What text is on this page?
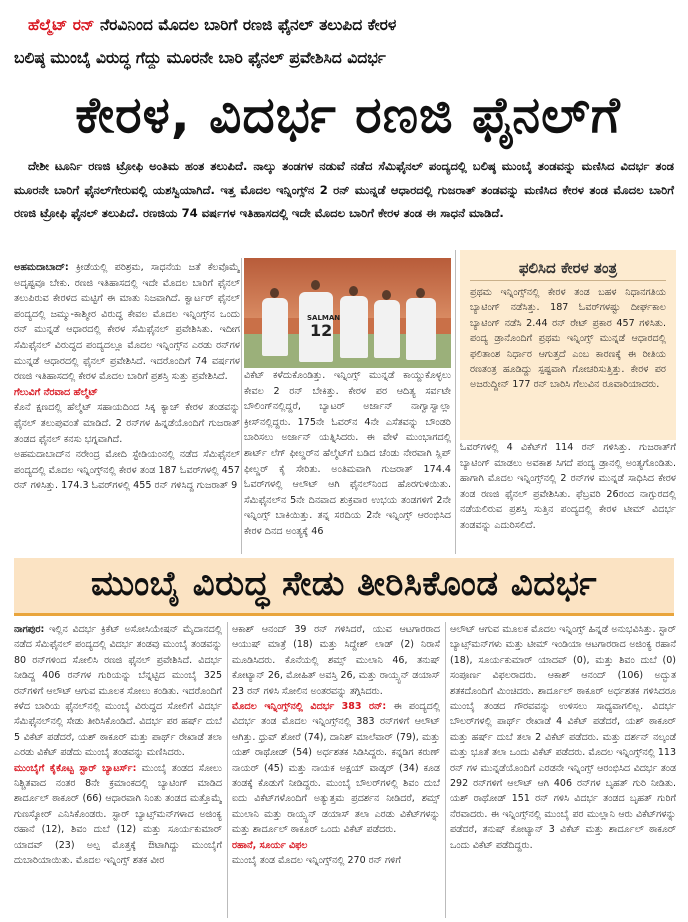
ಹೆಲ್ಮೆಟ್ ರನ್ ನೆರವಿನಿಂದ ಮೊದಲ ಬಾರಿಗೆ ರಣಜಿ ಫೈನಲ್ ತಲುಪಿದ ಕೇರಳ
ಬಲಿಷ್ಠ ಮುಂಬೈ ವಿರುದ್ಧ ಗೆದ್ದು ಮೂರನೇ ಬಾರಿ ಫೈನಲ್ ಪ್ರವೇಶಿಸಿದ ವಿದರ್ಭ
ಕೇರಳ, ವಿದರ್ಭ ರಣಜಿ ಫೈನಲ್‌ಗೆ
ದೇಶೀ ಟೂರ್ನಿ ರಣಜಿ ಟ್ರೋಫಿ ಅಂತಿಮ ಹಂತ ತಲುಪಿದೆ. ನಾಲ್ಕು ತಂಡಗಳ ನಡುವೆ ನಡೆದ ಸೆಮಿಫೈನಲ್ ಪಂದ್ಯದಲ್ಲಿ ಬಲಿಷ್ಠ ಮುಂಬೈ ತಂಡವನ್ನು ಮಣಿಸಿದ ವಿದರ್ಭ ತಂಡ ಮೂರನೇ ಬಾರಿಗೆ ಫೈನಲ್‌ಗೇರುವಲ್ಲಿ ಯಶಸ್ವಿಯಾಗಿದೆ. ಇತ್ತ ಮೊದಲ ಇನ್ನಿಂಗ್ಸ್‌ನ 2 ರನ್ ಮುನ್ನಡೆ ಆಧಾರದಲ್ಲಿ ಗುಜರಾತ್ ತಂಡವನ್ನು ಮಣಿಸಿದ ಕೇರಳ ತಂಡ ಮೊದಲ ಬಾರಿಗೆ ರಣಜಿ ಟ್ರೋಫಿ ಫೈನಲ್ ತಲುಪಿದೆ. ರಣಜಿಯ 74 ವರ್ಷಗಳ ಇತಿಹಾಸದಲ್ಲಿ ಇದೇ ಮೊದಲ ಬಾರಿಗೆ ಕೇರಳ ತಂಡ ಈ ಸಾಧನೆ ಮಾಡಿದೆ.

ಅಹಮದಾಬಾದ್: ಕ್ರೀಡೆಯಲ್ಲಿ ಪರಿಶ್ರಮ, ಸಾಧನೆಯ ಜತೆ ಕೆಲವೊಮ್ಮೆ ಅದೃಷ್ಟವೂ ಬೇಕು. ರಣಜಿ ಇತಿಹಾಸದಲ್ಲಿ ಇದೇ ಮೊದಲ ಬಾರಿಗೆ ಫೈನಲ್ ತಲುಪಿರುವ ಕೇರಳದ ಮಟ್ಟಿಗೆ ಈ ಮಾತು ನಿಜವಾಗಿದೆ. ಕ್ವಾರ್ಟರ್ ಫೈನಲ್ ಪಂದ್ಯದಲ್ಲಿ ಜಮ್ಮು-ಕಾಶ್ಮೀರ ವಿರುದ್ಧ ಕೇವಲ ಮೊದಲ ಇನ್ನಿಂಗ್ಸ್‌ನ ಒಂದು ರನ್ ಮುನ್ನಡೆ ಆಧಾರದಲ್ಲಿ ಕೇರಳ ಸೆಮಿಫೈನಲ್ ಪ್ರವೇಶಿಸಿತು. ಇದೀಗ ಸೆಮಿಫೈನಲ್ ವಿರುದ್ಧದ ಪಂದ್ಯದಲ್ಲೂ ಮೊದಲ ಇನ್ನಿಂಗ್ಸ್‌ನ ಎರಡು ರನ್‌ಗಳ ಮುನ್ನಡೆ ಆಧಾರದಲ್ಲಿ ಫೈನಲ್ ಪ್ರವೇಶಿಸಿದೆ. ಇದರೊಂದಿಗೆ 74 ವರ್ಷಗಳ ರಣಜಿ ಇತಿಹಾಸದಲ್ಲಿ ಕೇರಳ ಮೊದಲ ಬಾರಿಗೆ ಪ್ರಶಸ್ತಿ ಸುತ್ತು ಪ್ರವೇಶಿಸಿದೆ.

ಗೆಲುವಿಗೆ ನೆರವಾದ ಹೆಲ್ಮೆಟ್

ಕೊನೆ ಕ್ಷಣದಲ್ಲಿ ಹೆಲ್ಮೆಟ್ ಸಹಾಯದಿಂದ ಸಿಕ್ಕ ಕ್ಯಾಚ್ ಕೇರಳ ತಂಡವನ್ನು ಫೈನಲ್ ತಲುಪುವಂತೆ ಮಾಡಿದೆ. 2 ರನ್‌ಗಳ ಹಿನ್ನಡೆಯೊಂದಿಗೆ ಗುಜರಾತ್ ತಂಡದ ಫೈನಲ್ ಕನಸು ಭಗ್ನವಾಗಿದೆ.

ಅಹಮದಾಬಾದ್‌ನ ನರೇಂದ್ರ ಮೋದಿ ಸ್ಟೇಡಿಯಂನಲ್ಲಿ ನಡೆದ ಸೆಮಿಫೈನಲ್ ಪಂದ್ಯದಲ್ಲಿ ಮೊದಲ ಇನ್ನಿಂಗ್ಸ್‌ನಲ್ಲಿ ಕೇರಳ ತಂಡ 187 ಓವರ್‌ಗಳಲ್ಲಿ 457 ರನ್ ಗಳಿಸಿತ್ತು. 174.3 ಓವರ್‌ಗಳಲ್ಲಿ 455 ರನ್ ಗಳಿಸಿದ್ದ ಗುಜರಾತ್ 9

SALMAN
12
ವಿಕೆಟ್ ಕಳೆದುಕೊಂಡಿತ್ತು. ಇನ್ನಿಂಗ್ಸ್ ಮುನ್ನಡೆ ಕಾಯ್ದುಕೊಳ್ಳಲು ಕೇವಲ 2 ರನ್ ಬೇಕಿತ್ತು. ಕೇರಳ ಪರ ಆದಿತ್ಯ ಸರ್ವಟೇ ಬೌಲಿಂಗ್‌ನಲ್ಲಿದ್ದರೆ, ಬ್ಯಾಟರ್ ಅರ್ಜಾನ್ ನಾಗ್ವಾಸ್ವಾಲ್ಲಾ ಕ್ರೀಸ್‌ನಲ್ಲಿದ್ದರು. 175ನೇ ಓವರ್‌ನ 4ನೇ ಎಸೆತವನ್ನು ಬೌಂಡರಿ ಬಾರಿಸಲು ಅರ್ಜಾನ್ ಯತ್ನಿಸಿದರು. ಈ ವೇಳೆ ಮುಂಭಾಗದಲ್ಲಿ ಶಾರ್ಟ್ ಲೆಗ್ ಫೀಲ್ಡರ್‌ನ ಹೆಲ್ಮೆಟ್‌ಗೆ ಬಡಿದ ಚೆಂಡು ನೇರವಾಗಿ ಸ್ಲಿಪ್ ಫೀಲ್ಡರ್ ಕೈ ಸೇರಿತು. ಅಂತಿಮವಾಗಿ ಗುಜರಾತ್ 174.4 ಓವರ್‌ಗಳಲ್ಲಿ ಆಲೌಟ್ ಆಗಿ ಫೈನಲ್‌ನಿಂದ ಹೊರಗುಳಿಯಿತು. ಸೆಮಿಫೈನಲ್‌ನ 5ನೇ ದಿನವಾದ ಶುಕ್ರವಾರ ಉಭಯ ತಂಡಗಳಿಗೆ 2ನೇ ಇನ್ನಿಂಗ್ಸ್ ಬಾಕಿಯಿತ್ತು. ತನ್ನ ಸರದಿಯ 2ನೇ ಇನ್ನಿಂಗ್ಸ್ ಆರಂಭಿಸಿದ ಕೇರಳ ದಿನದ ಅಂತ್ಯಕ್ಕೆ 46
ಫಲಿಸಿದ ಕೇರಳ ತಂತ್ರ
ಪ್ರಥಮ ಇನ್ನಿಂಗ್ಸ್‌ನಲ್ಲಿ ಕೇರಳ ತಂಡ ಬಹಳ ನಿಧಾನಗತಿಯ ಬ್ಯಾಟಿಂಗ್ ನಡೆಸಿತ್ತು. 187 ಓವರ್‌ಗಳಷ್ಟು ದೀರ್ಘಕಾಲ ಬ್ಯಾಟಿಂಗ್ ನಡೆಸಿ 2.44 ರನ್ ರೇಟ್ ಪ್ರಕಾರ 457 ಗಳಿಸಿತು. ಪಂದ್ಯ ಡ್ರಾನೊಂದಿಗೆ ಪ್ರಥಮ ಇನ್ನಿಂಗ್ಸ್ ಮುನ್ನಡೆ ಆಧಾರದಲ್ಲಿ ಫಲಿತಾಂಶ ನಿರ್ಧಾರ ಆಗುತ್ತದೆ ಎಂಬ ಕಾರಣಕ್ಕೆ ಈ ರೀತಿಯ ರಣತಂತ್ರ ಹೂಡಿದ್ದು ಸ್ಪಷ್ಟವಾಗಿ ಗೋಚರಿಸುತ್ತಿತ್ತು. ಕೇರಳ ಪರ ಅಜರುದ್ದೀನ್ 177 ರನ್ ಬಾರಿಸಿ ಗೆಲುವಿನ ರೂವಾರಿಯಾದರು.
ಓವರ್‌ಗಳಲ್ಲಿ 4 ವಿಕೆಟ್‌ಗೆ 114 ರನ್ ಗಳಿಸಿತ್ತು. ಗುಜರಾತ್‌ಗೆ ಬ್ಯಾಟಿಂಗ್ ಮಾಡಲು ಅವಕಾಶ ಸಿಗದೆ ಪಂದ್ಯ ಡ್ರಾನಲ್ಲಿ ಅಂತ್ಯಗೊಂಡಿತು. ಹಾಗಾಗಿ ಮೊದಲ ಇನ್ನಿಂಗ್ಸ್‌ನಲ್ಲಿ 2 ರನ್‌ಗಳ ಮುನ್ನಡೆ ಸಾಧಿಸಿದ ಕೇರಳ ತಂಡ ರಣಜಿ ಫೈನಲ್ ಪ್ರವೇಶಿಸಿತು. ಫೆಬ್ರವರಿ 26ರಂದ ನಾಗ್ಪುರದಲ್ಲಿ ನಡೆಯಲಿರುವ ಪ್ರಶಸ್ತಿ ಸುತ್ತಿನ ಪಂದ್ಯದಲ್ಲಿ ಕೇರಳ ಟೀಮ್ ವಿದರ್ಭ ತಂಡವನ್ನು ಎದುರಿಸಲಿದೆ.
ಮುಂಬೈ ವಿರುದ್ಧ ಸೇಡು ತೀರಿಸಿಕೊಂಡ ವಿದರ್ಭ

ನಾಗಪುರ: ಇಲ್ಲಿನ ವಿದರ್ಭ ಕ್ರಿಕೆಟ್ ಅಸೋಸಿಯೇಷನ್ ಮೈದಾನದಲ್ಲಿ ನಡೆದ ಸೆಮಿಫೈನಲ್ ಪಂದ್ಯದಲ್ಲಿ ವಿದರ್ಭ ತಂಡವು ಮುಂಬೈ ತಂಡವನ್ನು 80 ರನ್‌ಗಳಿಂದ ಸೋಲಿಸಿ ರಣಜಿ ಫೈನಲ್ ಪ್ರವೇಶಿಸಿದೆ. ವಿದರ್ಭ ನೀಡಿದ್ದ 406 ರನ್‌ಗಳ ಗುರಿಯನ್ನು ಬೆನ್ನಟ್ಟಿದ ಮುಂಬೈ 325 ರನ್‌ಗಳಿಗೆ ಆಲೌಟ್ ಆಗುವ ಮೂಲಕ ಸೋಲು ಕಂಡಿತು. ಇದರೊಂದಿಗೆ ಕಳೆದ ಬಾರಿಯ ಫೈನಲ್‌ನಲ್ಲಿ ಮುಂಬೈ ವಿರುದ್ಧದ ಸೋಲಿಗೆ ವಿದರ್ಭ ಸೆಮಿಫೈನಲ್‌ನಲ್ಲಿ ಸೇಡು ತೀರಿಸಿಕೊಂಡಿದೆ. ವಿದರ್ಭ ಪರ ಹರ್ಷ್ ದುಬೆ 5 ವಿಕೆಟ್ ಪಡೆದರೆ, ಯಶ್ ಠಾಕೂರ್ ಮತ್ತು ಪಾರ್ಥ್ ರೇಖಾಡೆ ತಲಾ ಎರಡು ವಿಕೆಟ್ ಪಡೆದು ಮುಂಬೈ ತಂಡವನ್ನು ಮಣಿಸಿದರು.

ಮುಂಬೈಗೆ ಕೈಕೊಟ್ಟ ಸ್ಟಾರ್ ಬ್ಯಾಟರ್ಸ್: ಮುಂಬೈ ತಂಡದ ಸೋಲು ನಿಶ್ಚಿತವಾದ ನಂತರ 8ನೇ ಕ್ರಮಾಂಕದಲ್ಲಿ ಬ್ಯಾಟಿಂಗ್ ಮಾಡಿದ ಶಾರ್ದೂಲ್ ಠಾಕೂರ್ (66) ಆಧಾರವಾಗಿ ನಿಂತು ತಂಡದ ಮತ್ತೊಮ್ಮೆ ಗುಣಸ್ಕೋರ್ ಎನಿಸಿಕೊಂಡರು. ಸ್ಟಾರ್ ಬ್ಯಾಟ್ಸ್‌ಮನ್‌ಗಳಾದ ಅಜಿಂಕ್ಯ ರಹಾನೆ (12), ಶಿವಂ ದುಬೆ (12) ಮತ್ತು ಸೂರ್ಯಕುಮಾರ್ ಯಾದವ್ (23) ಅಲ್ಪ ಮೊತ್ತಕ್ಕೆ ಔಟಾಗಿದ್ದು ಮುಂಬೈಗೆ ದುಬಾರಿಯಾಯಿತು. ಮೊದಲ ಇನ್ನಿಂಗ್ಸ್ ಶತಕ ವೀರ

ಆಕಾಶ್ ಆನಂದ್ 39 ರನ್ ಗಳಿಸಿದರೆ, ಯುವ ಆಟಗಾರರಾದ ಆಯುಷ್ ಮಾತ್ರೆ (18) ಮತ್ತು ಸಿದ್ದೇಶ್ ಲಾಡ್ (2) ನಿರಾಸೆ ಮೂಡಿಸಿದರು. ಕೊನೆಯಲ್ಲಿ ಶಮ್ಸ್ ಮುಲಾನಿ 46, ತನುಷ್ ಕೋಟ್ಯಾನ್ 26, ಮೋಹಿತ್ ಅವಸ್ತಿ 26, ಮತ್ತು ರಾಯ್ಸ್ಟನ್ ಡಯಾಸ್ 23 ರನ್ ಗಳಿಸಿ ಸೋಲಿನ ಅಂತರವನ್ನು ತಗ್ಗಿಸಿದರು.

ಮೊದಲ ಇನ್ನಿಂಗ್ಸ್‌ನಲ್ಲಿ ವಿದರ್ಭ 383 ರನ್: ಈ ಪಂದ್ಯದಲ್ಲಿ ವಿದರ್ಭ ತಂಡ ಮೊದಲ ಇನ್ನಿಂಗ್ಸ್‌ನಲ್ಲಿ 383 ರನ್‌ಗಳಿಗೆ ಆಲೌಟ್ ಆಗಿತ್ತು. ಧ್ರುವ್ ಶೋರೆ (74), ದಾನಿಶ್ ಮಾಲೆವಾರ್ (79), ಮತ್ತು ಯಶ್ ರಾಥೋಡ್ (54) ಅರ್ಧಶತಕ ಸಿಡಿಸಿದ್ದರು. ಕನ್ನಡಿಗ ಕರುಣ್ ನಾಯರ್ (45) ಮತ್ತು ನಾಯಕ ಅಕ್ಷಯ್ ವಾಡ್ಕರ್ (34) ಕೂಡ ತಂಡಕ್ಕೆ ಕೊಡುಗೆ ನೀಡಿದ್ದರು. ಮುಂಬೈ ಬೌಲರ್‌ಗಳಲ್ಲಿ ಶಿವಂ ದುಬೆ ಐದು ವಿಕೆಟ್‌ಗಳೊಂದಿಗೆ ಅತ್ಯುತ್ತಮ ಪ್ರದರ್ಶನ ನೀಡಿದರೆ, ಶಮ್ಸ್ ಮುಲಾನಿ ಮತ್ತು ರಾಯ್ಸ್ಟನ್ ಡಯಾಸ್ ತಲಾ ಎರಡು ವಿಕೆಟ್‌ಗಳನ್ನು ಮತ್ತು ಶಾರ್ದೂಲ್ ಠಾಕೂರ್ ಒಂದು ವಿಕೆಟ್ ಪಡೆದರು.

ರಹಾನೆ, ಸೂರ್ಯ ವಿಫಲ

ಮುಂಬೈ ತಂಡ ಮೊದಲ ಇನ್ನಿಂಗ್ಸ್‌ನಲ್ಲಿ 270 ರನ್ ಗಳಿಗೆ

ಆಲೌಟ್ ಆಗುವ ಮೂಲಕ ಮೊದಲ ಇನ್ನಿಂಗ್ಸ್ ಹಿನ್ನಡೆ ಅನುಭವಿಸಿತ್ತು. ಸ್ಟಾರ್ ಬ್ಯಾಟ್ಸ್‌ಮನ್‌ಗಳು ಮತ್ತು ಟೀಮ್ ಇಂಡಿಯಾ ಆಟಗಾರರಾದ ಅಜಿಂಕ್ಯ ರಹಾನೆ (18), ಸೂರ್ಯಕುಮಾರ್ ಯಾದವ್ (0), ಮತ್ತು ಶಿವಂ ದುಬೆ (0) ಸಂಪೂರ್ಣ ವಿಫಲರಾದರು. ಆಕಾಶ್ ಆನಂದ್ (106) ಅದ್ಭುತ ಶತಕದೊಂದಿಗೆ ಮಿಂಚಿದರು. ಶಾರ್ದೂಲ್ ಠಾಕೂರ್ ಅರ್ಧಶತಕ ಗಳಿಸಿದರೂ ಮುಂಬೈ ತಂಡದ ಗೌರವವನ್ನು ಉಳಿಸಲು ಸಾಧ್ಯವಾಗಲಿಲ್ಲ. ವಿದರ್ಭ ಬೌಲರ್‌ಗಳಲ್ಲಿ ಪಾರ್ಥ್ ರೇಖಾಡೆ 4 ವಿಕೆಟ್ ಪಡೆದರೆ, ಯಶ್ ಠಾಕೂರ್ ಮತ್ತು ಹರ್ಷ್ ದುಬೆ ತಲಾ 2 ವಿಕೆಟ್ ಪಡೆದರು. ಮತ್ತು ದರ್ಶನ್ ನಲ್ಕಂಡೆ ಮತ್ತು ಭೂತೆ ತಲಾ ಒಂದು ವಿಕೆಟ್ ಪಡೆದರು. ಮೊದಲ ಇನ್ನಿಂಗ್ಸ್‌ನಲ್ಲಿ 113 ರನ್ ಗಳ ಮುನ್ನಡೆಯೊಂದಿಗೆ ಎರಡನೇ ಇನ್ನಿಂಗ್ಸ್ ಆರಂಭಿಸಿದ ವಿದರ್ಭ ತಂಡ 292 ರನ್‌ಗಳಿಗೆ ಆಲೌಟ್ ಆಗಿ 406 ರನ್‌ಗಳ ಬೃಹತ್ ಗುರಿ ನೀಡಿತು. ಯಶ್ ರಾಥೋಡ್ 151 ರನ್ ಗಳಿಸಿ ವಿದರ್ಭ ತಂಡದ ಬೃಹತ್ ಗುರಿಗೆ ನೆರವಾದರು. ಈ ಇನ್ನಿಂಗ್ಸ್‌ನಲ್ಲಿ ಮುಂಬೈ ಪರ ಮುಲ್ಲಾನಿ ಆರು ವಿಕೆಟ್‌ಗಳನ್ನು ಪಡೆದರೆ, ತನುಷ್ ಕೋಟ್ಯಾನ್ 3 ವಿಕೆಟ್ ಮತ್ತು ಶಾರ್ದೂಲ್ ಠಾಕೂರ್ ಒಂದು ವಿಕೆಟ್ ಪಡೆದಿದ್ದರು.
